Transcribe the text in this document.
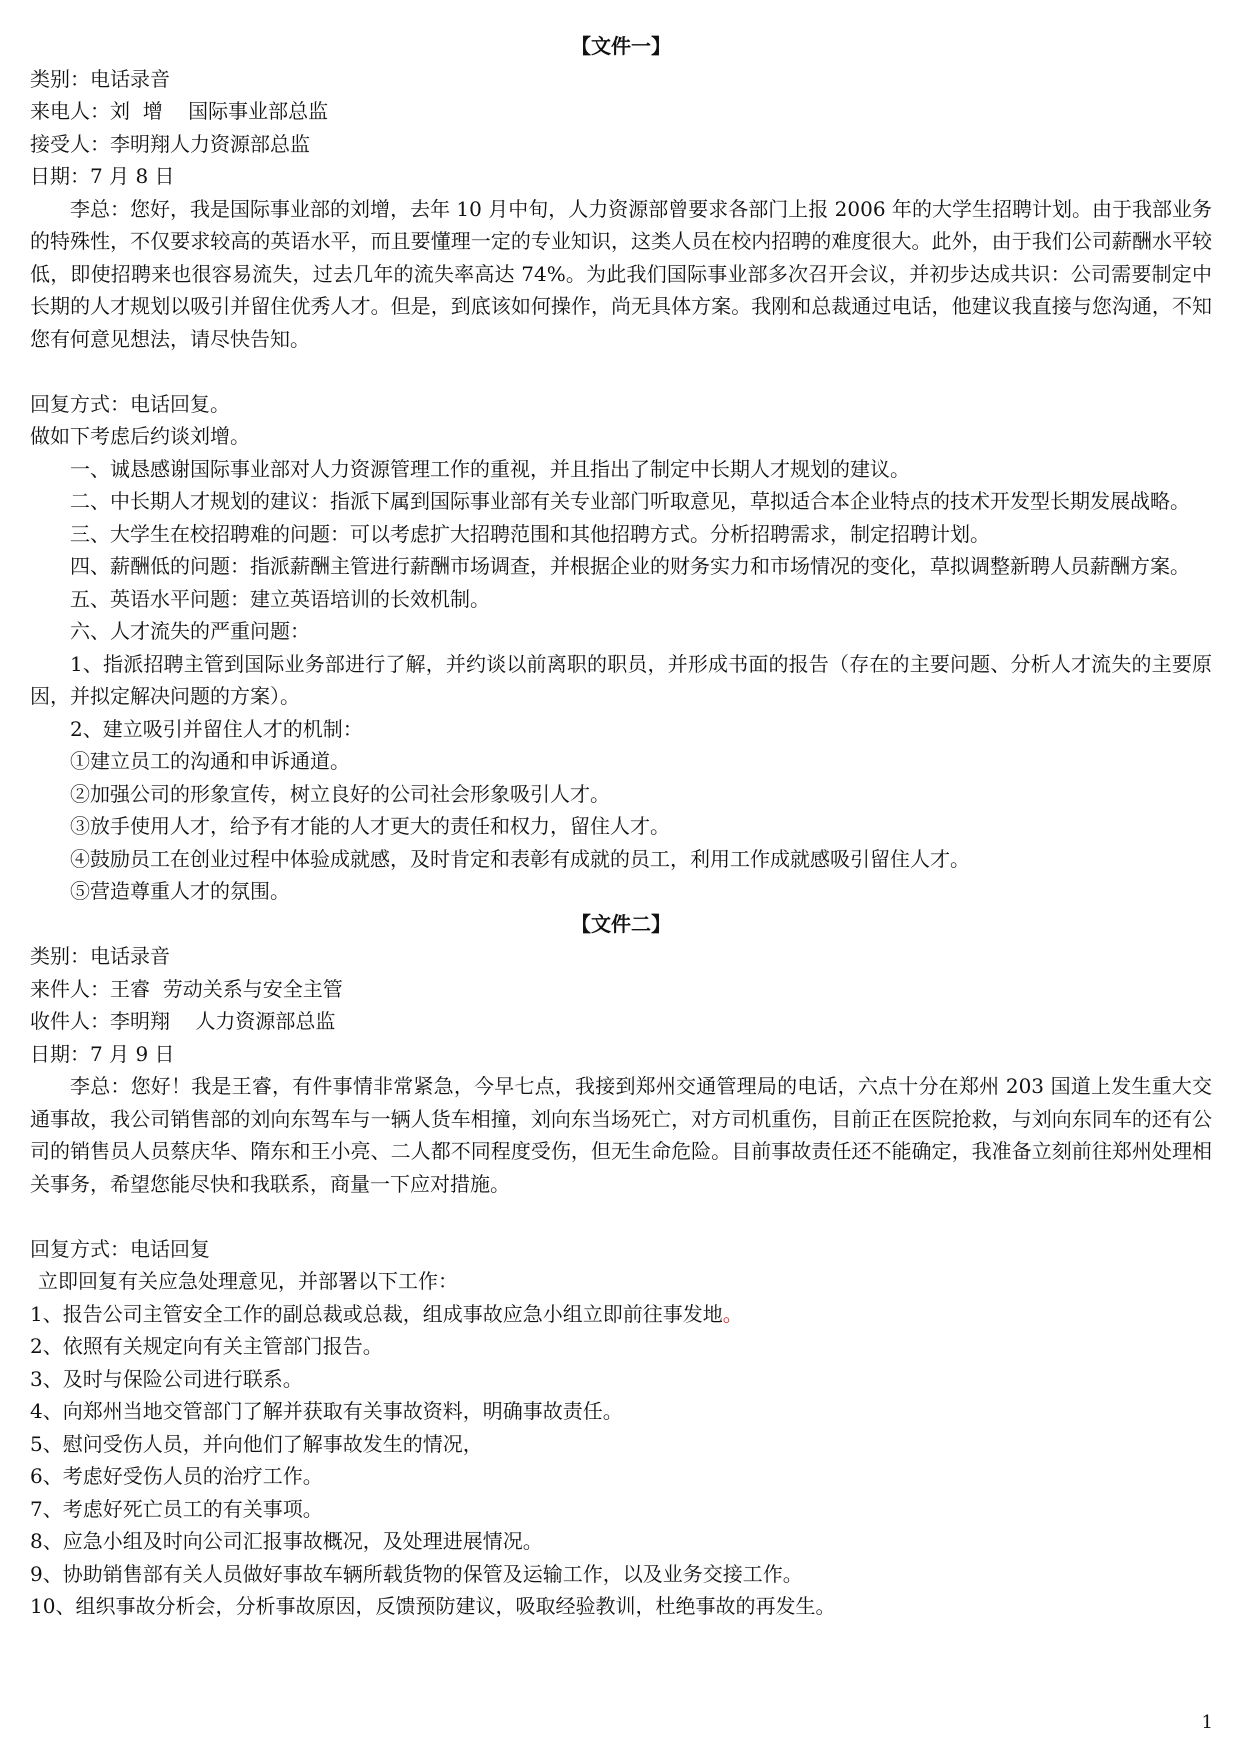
【文件一】

类别：电话录音

来电人：刘  增    国际事业部总监

接受人：李明翔人力资源部总监

日期：7 月 8 日

李总：您好，我是国际事业部的刘增，去年 10 月中旬，人力资源部曾要求各部门上报 2006 年的大学生招聘计划。由于我部业务的特殊性，不仅要求较高的英语水平，而且要懂理一定的专业知识，这类人员在校内招聘的难度很大。此外，由于我们公司薪酬水平较低，即使招聘来也很容易流失，过去几年的流失率高达 74%。为此我们国际事业部多次召开会议，并初步达成共识：公司需要制定中长期的人才规划以吸引并留住优秀人才。但是，到底该如何操作，尚无具体方案。我刚和总裁通过电话，他建议我直接与您沟通，不知您有何意见想法，请尽快告知。

回复方式：电话回复。

做如下考虑后约谈刘增。

一、诚恳感谢国际事业部对人力资源管理工作的重视，并且指出了制定中长期人才规划的建议。

二、中长期人才规划的建议：指派下属到国际事业部有关专业部门听取意见，草拟适合本企业特点的技术开发型长期发展战略。

三、大学生在校招聘难的问题：可以考虑扩大招聘范围和其他招聘方式。分析招聘需求，制定招聘计划。

四、薪酬低的问题：指派薪酬主管进行薪酬市场调查，并根据企业的财务实力和市场情况的变化，草拟调整新聘人员薪酬方案。

五、英语水平问题：建立英语培训的长效机制。

六、人才流失的严重问题：

1、指派招聘主管到国际业务部进行了解，并约谈以前离职的职员，并形成书面的报告（存在的主要问题、分析人才流失的主要原因，并拟定解决问题的方案）。

2、建立吸引并留住人才的机制：

①建立员工的沟通和申诉通道。

②加强公司的形象宣传，树立良好的公司社会形象吸引人才。

③放手使用人才，给予有才能的人才更大的责任和权力，留住人才。

④鼓励员工在创业过程中体验成就感，及时肯定和表彰有成就的员工，利用工作成就感吸引留住人才。

⑤营造尊重人才的氛围。

【文件二】

类别：电话录音

来件人：王睿  劳动关系与安全主管

收件人：李明翔    人力资源部总监

日期：7 月 9 日

李总：您好！我是王睿，有件事情非常紧急，今早七点，我接到郑州交通管理局的电话，六点十分在郑州 203 国道上发生重大交通事故，我公司销售部的刘向东驾车与一辆人货车相撞，刘向东当场死亡，对方司机重伤，目前正在医院抢救，与刘向东同车的还有公司的销售员人员蔡庆华、隋东和王小亮、二人都不同程度受伤，但无生命危险。目前事故责任还不能确定，我准备立刻前往郑州处理相关事务，希望您能尽快和我联系，商量一下应对措施。

回复方式：电话回复

立即回复有关应急处理意见，并部署以下工作：

1、报告公司主管安全工作的副总裁或总裁，组成事故应急小组立即前往事发地。

2、依照有关规定向有关主管部门报告。

3、及时与保险公司进行联系。

4、向郑州当地交管部门了解并获取有关事故资料，明确事故责任。

5、慰问受伤人员，并向他们了解事故发生的情况，

6、考虑好受伤人员的治疗工作。

7、考虑好死亡员工的有关事项。

8、应急小组及时向公司汇报事故概况，及处理进展情况。

9、协助销售部有关人员做好事故车辆所载货物的保管及运输工作，以及业务交接工作。

10、组织事故分析会，分析事故原因，反馈预防建议，吸取经验教训，杜绝事故的再发生。

1
